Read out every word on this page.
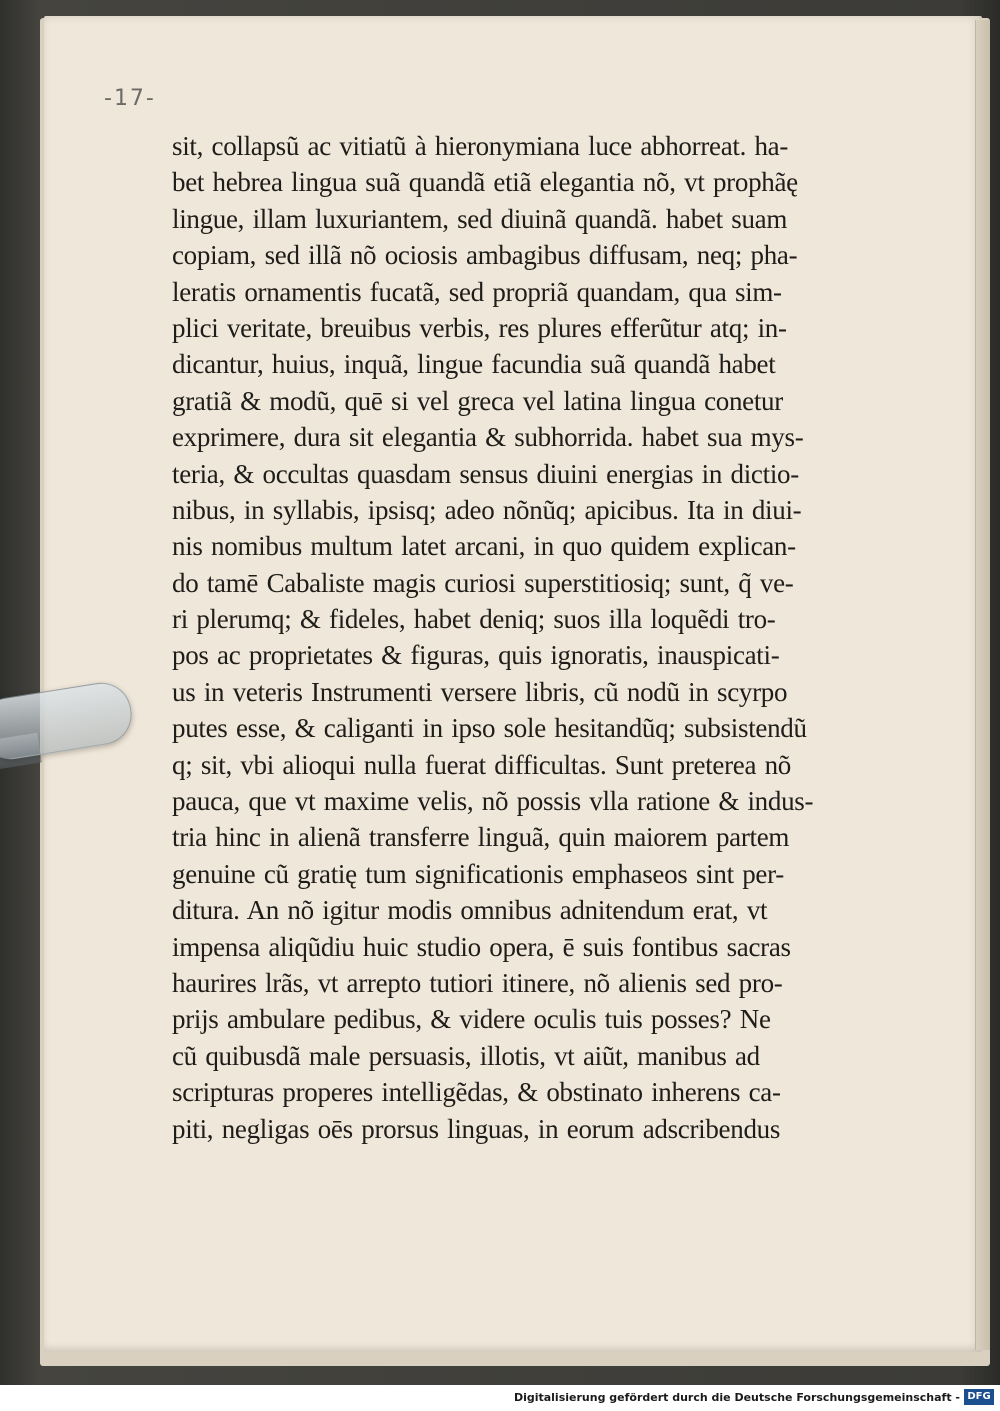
-17-
sit, collapsũ ac vitiatũ à hieronymiana luce abhorreat. ha-
bet hebrea lingua suã quandã etiã elegantia nõ, vt prophãę
lingue, illam luxuriantem, sed diuinã quandã. habet suam
copiam, sed illã nõ ociosis ambagibus diffusam, neq; pha-
leratis ornamentis fucatã, sed propriã quandam, qua sim-
plici veritate, breuibus verbis, res plures efferũtur atq; in-
dicantur, huius, inquã, lingue facundia suã quandã habet
gratiã & modũ, quē si vel greca vel latina lingua conetur
exprimere, dura sit elegantia & subhorrida. habet sua mys-
teria, & occultas quasdam sensus diuini energias in dictio-
nibus, in syllabis, ipsisq; adeo nõnũq; apicibus. Ita in diui-
nis nomibus multum latet arcani, in quo quidem explican-
do tamē Cabaliste magis curiosi superstitiosiq; sunt, q̃ ve-
ri plerumq; & fideles, habet deniq; suos illa loquẽdi tro-
pos ac proprietates & figuras, quis ignoratis, inauspicati-
us in veteris Instrumenti versere libris, cũ nodũ in scyrpo
putes esse, & caliganti in ipso sole hesitandũq; subsistendũ
q; sit, vbi alioqui nulla fuerat difficultas. Sunt preterea nõ
pauca, que vt maxime velis, nõ possis vlla ratione & indus-
tria hinc in alienã transferre linguã, quin maiorem partem
genuine cũ gratię tum significationis emphaseos sint per-
ditura. An nõ igitur modis omnibus adnitendum erat, vt
impensa aliqũdiu huic studio opera, ē suis fontibus sacras
haurires lrãs, vt arrepto tutiori itinere, nõ alienis sed pro-
prijs ambulare pedibus, & videre oculis tuis posses? Ne
cũ quibusdã male persuasis, illotis, vt aiũt, manibus ad
scripturas properes intelligẽdas, & obstinato inherens ca-
piti, negligas oēs prorsus linguas, in eorum adscribendus
Digitalisierung gefördert durch die Deutsche Forschungsgemeinschaft - DFG
